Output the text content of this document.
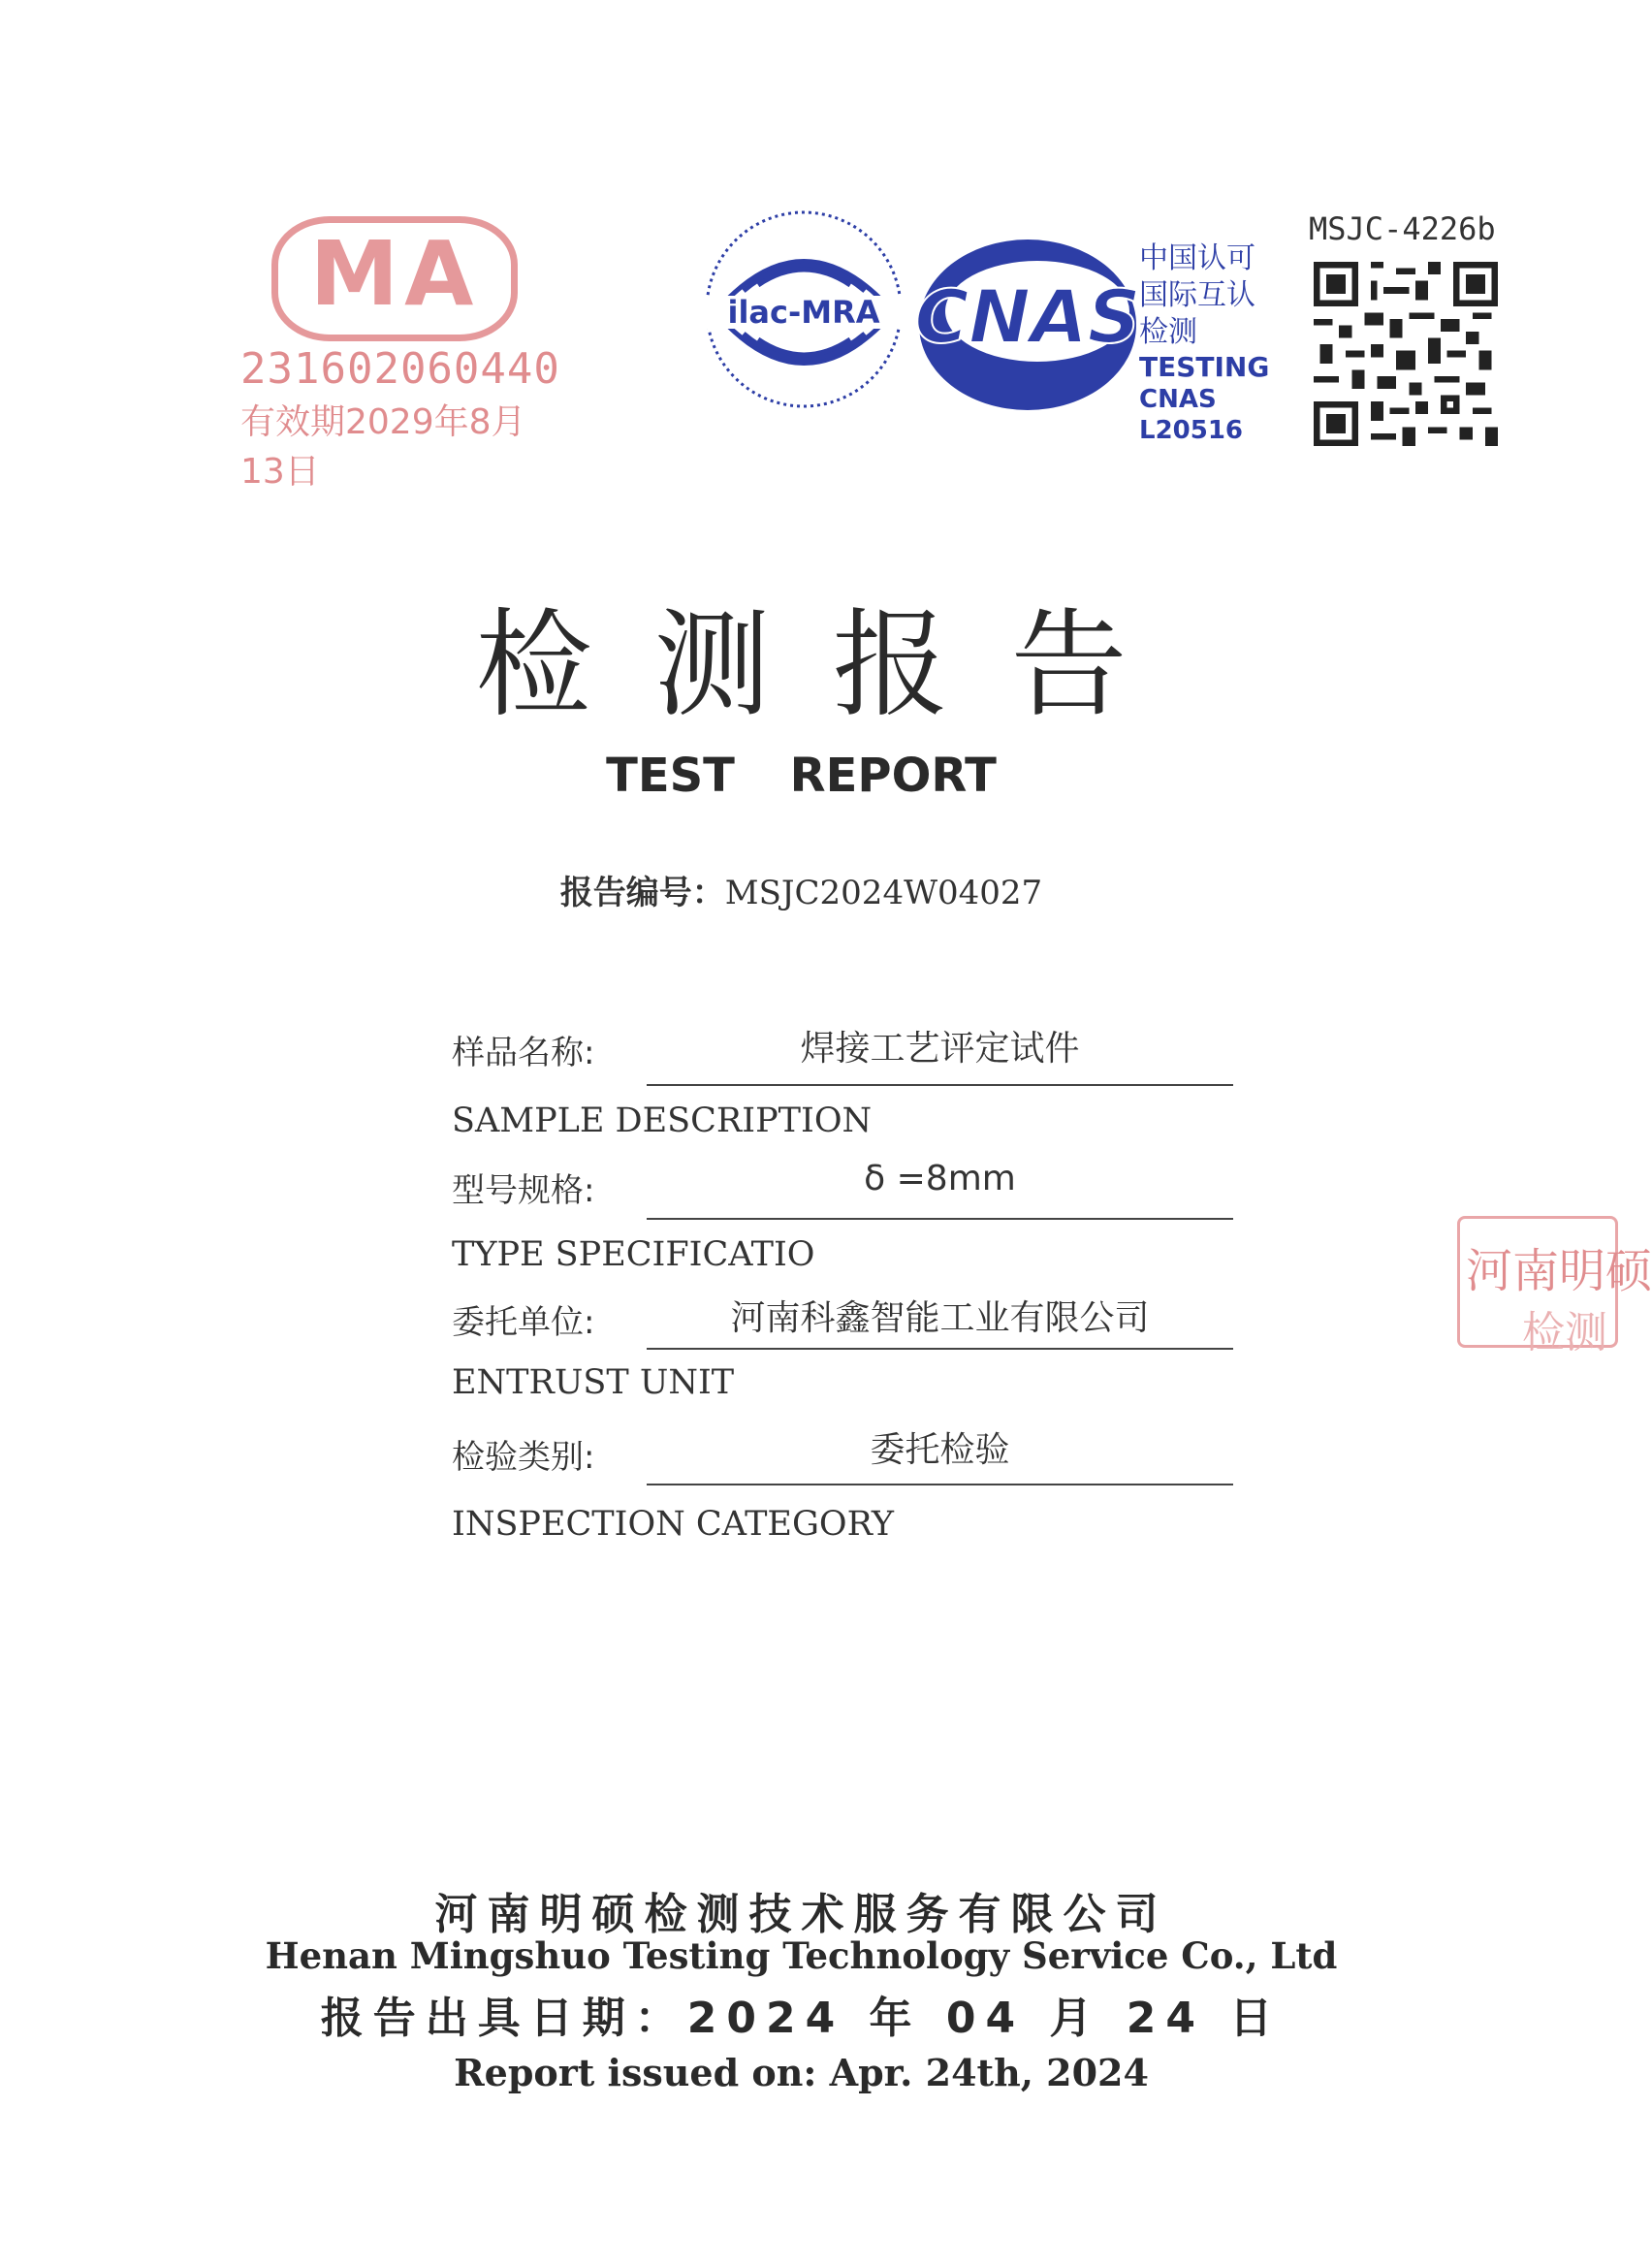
MA
231602060440
有效期2029年8月13日
ilac-MRA CNAS
中国认可
国际互认
检测
TESTING
CNAS L20516
MSJC-4226b
检测报告
TEST REPORT
报告编号：MSJC2024W04027
样品名称:	焊接工艺评定试件
SAMPLE DESCRIPTION
型号规格:	δ =8mm
TYPE SPECIFICATIO
委托单位:	河南科鑫智能工业有限公司
ENTRUST UNIT
检验类别:	委托检验
INSPECTION CATEGORY
河南明硕
检测
河南明硕检测技术服务有限公司
Henan Mingshuo Testing Technology Service Co., Ltd
报告出具日期：2024 年 04 月 24 日
Report issued on: Apr. 24th, 2024
